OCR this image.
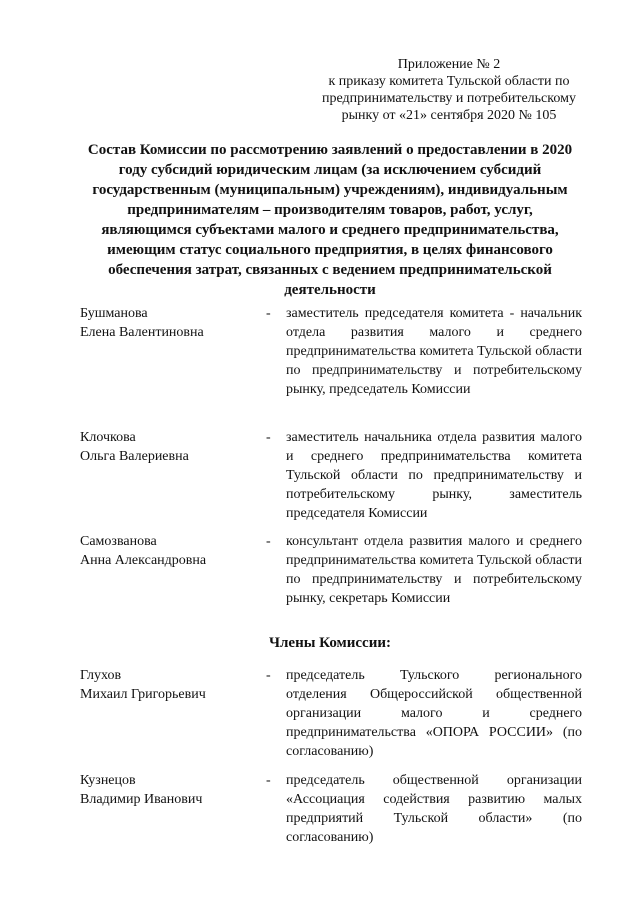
Приложение № 2
к приказу комитета Тульской области по
предпринимательству и потребительскому
рынку от «21» сентября 2020 № 105
Состав Комиссии по рассмотрению заявлений о предоставлении в 2020
году субсидий юридическим лицам (за исключением субсидий
государственным (муниципальным) учреждениям), индивидуальным
предпринимателям – производителям товаров, работ, услуг,
являющимся субъектами малого и среднего предпринимательства,
имеющим статус социального предприятия, в целях финансового
обеспечения затрат, связанных с ведением предпринимательской
деятельности
Бушманова
Елена Валентиновна
- заместитель председателя комитета - начальник отдела развития малого и среднего предпринимательства комитета Тульской области по предпринимательству и потребительскому рынку, председатель Комиссии
Клочкова
Ольга Валериевна
- заместитель начальника отдела развития малого и среднего предпринимательства комитета Тульской области по предпринимательству и потребительскому рынку, заместитель председателя Комиссии
Самозванова
Анна Александровна
- консультант отдела развития малого и среднего предпринимательства комитета Тульской области по предпринимательству и потребительскому рынку, секретарь Комиссии
Члены Комиссии:
Глухов
Михаил Григорьевич
- председатель Тульского регионального отделения Общероссийской общественной организации малого и среднего предпринимательства «ОПОРА РОССИИ» (по согласованию)
Кузнецов
Владимир Иванович
- председатель общественной организации «Ассоциация содействия развитию малых предприятий Тульской области» (по согласованию)
